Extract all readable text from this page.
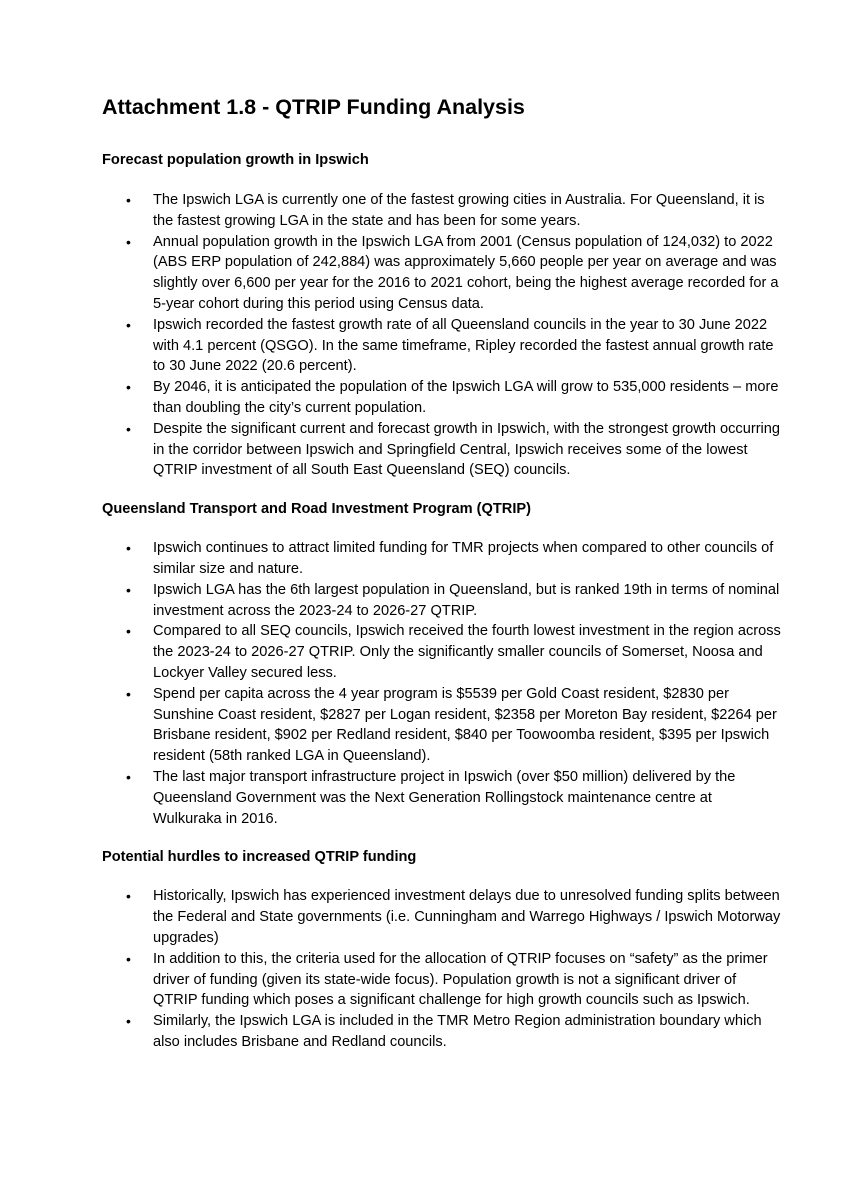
Attachment 1.8 - QTRIP Funding Analysis
Forecast population growth in Ipswich
•	The Ipswich LGA is currently one of the fastest growing cities in Australia. For Queensland, it is the fastest growing LGA in the state and has been for some years.
•	Annual population growth in the Ipswich LGA from 2001 (Census population of 124,032) to 2022 (ABS ERP population of 242,884) was approximately 5,660 people per year on average and was slightly over 6,600 per year for the 2016 to 2021 cohort, being the highest average recorded for a 5-year cohort during this period using Census data.
•	Ipswich recorded the fastest growth rate of all Queensland councils in the year to 30 June 2022 with 4.1 percent (QSGO). In the same timeframe, Ripley recorded the fastest annual growth rate to 30 June 2022 (20.6 percent).
•	By 2046, it is anticipated the population of the Ipswich LGA will grow to 535,000 residents – more than doubling the city’s current population.
•	Despite the significant current and forecast growth in Ipswich, with the strongest growth occurring in the corridor between Ipswich and Springfield Central, Ipswich receives some of the lowest QTRIP investment of all South East Queensland (SEQ) councils.
Queensland Transport and Road Investment Program (QTRIP)
•	Ipswich continues to attract limited funding for TMR projects when compared to other councils of similar size and nature.
•	Ipswich LGA has the 6th largest population in Queensland, but is ranked 19th in terms of nominal investment across the 2023-24 to 2026-27 QTRIP.
•	Compared to all SEQ councils, Ipswich received the fourth lowest investment in the region across the 2023-24 to 2026-27 QTRIP. Only the significantly smaller councils of Somerset, Noosa and Lockyer Valley secured less.
•	Spend per capita across the 4 year program is $5539 per Gold Coast resident, $2830 per Sunshine Coast resident, $2827 per Logan resident, $2358 per Moreton Bay resident, $2264 per Brisbane resident, $902 per Redland resident, $840 per Toowoomba resident, $395 per Ipswich resident (58th ranked LGA in Queensland).
•	The last major transport infrastructure project in Ipswich (over $50 million) delivered by the Queensland Government was the Next Generation Rollingstock maintenance centre at Wulkuraka in 2016.
Potential hurdles to increased QTRIP funding
•	Historically, Ipswich has experienced investment delays due to unresolved funding splits between the Federal and State governments (i.e. Cunningham and Warrego Highways / Ipswich Motorway upgrades)
•	In addition to this, the criteria used for the allocation of QTRIP focuses on “safety” as the primer driver of funding (given its state-wide focus). Population growth is not a significant driver of QTRIP funding which poses a significant challenge for high growth councils such as Ipswich.
•	Similarly, the Ipswich LGA is included in the TMR Metro Region administration boundary which also includes Brisbane and Redland councils.
